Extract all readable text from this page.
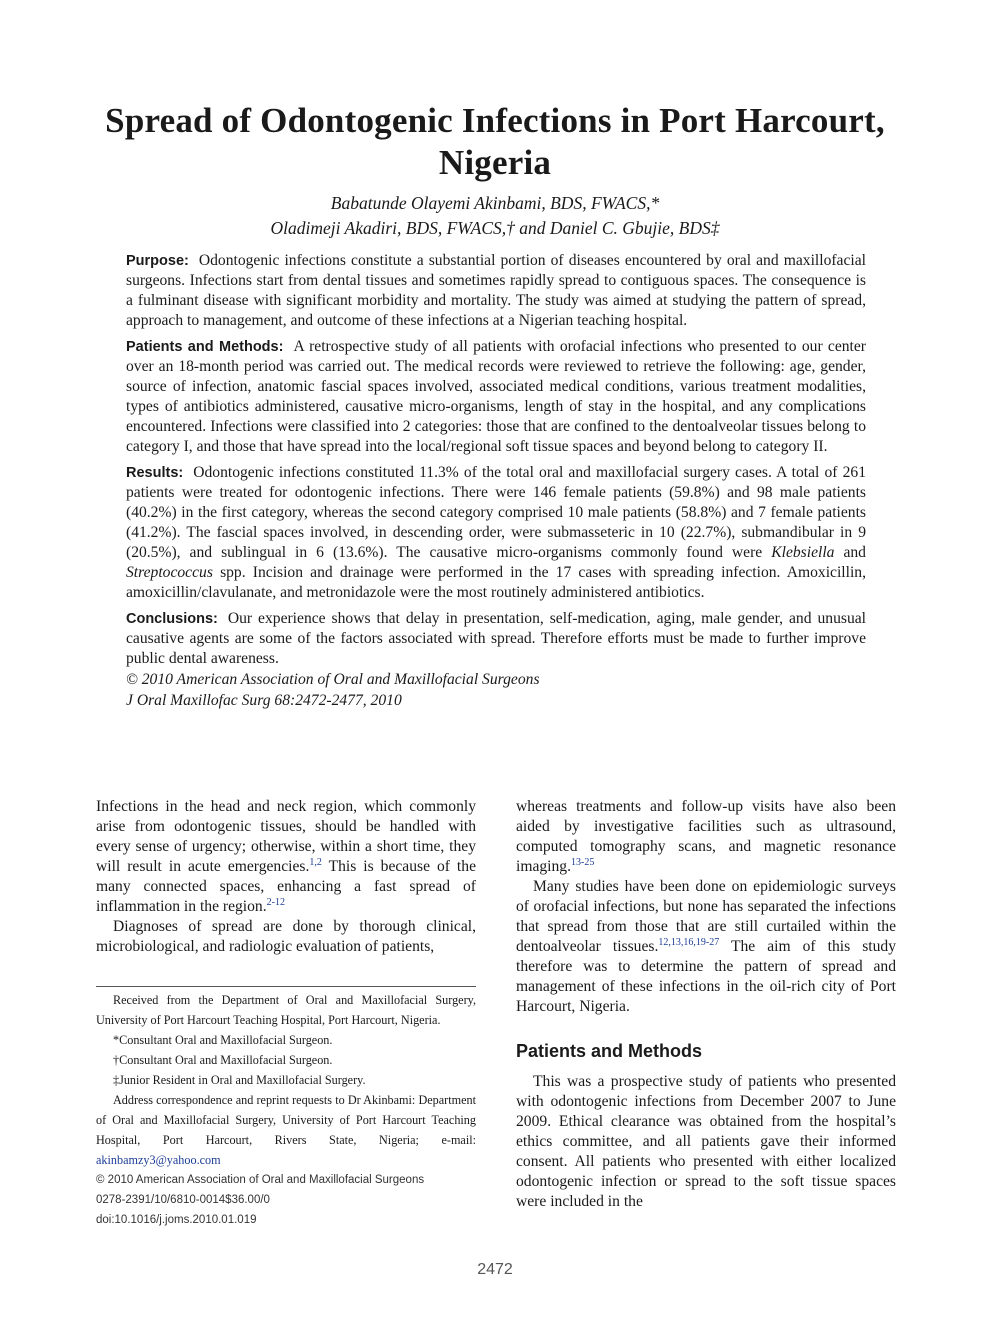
Spread of Odontogenic Infections in Port Harcourt, Nigeria
Babatunde Olayemi Akinbami, BDS, FWACS,*
Oladimeji Akadiri, BDS, FWACS,† and Daniel C. Gbujie, BDS‡

Purpose: Odontogenic infections constitute a substantial portion of diseases encountered by oral and maxillofacial surgeons. Infections start from dental tissues and sometimes rapidly spread to contiguous spaces. The consequence is a fulminant disease with significant morbidity and mortality. The study was aimed at studying the pattern of spread, approach to management, and outcome of these infections at a Nigerian teaching hospital.

Patients and Methods: A retrospective study of all patients with orofacial infections who presented to our center over an 18-month period was carried out. The medical records were reviewed to retrieve the following: age, gender, source of infection, anatomic fascial spaces involved, associated medical conditions, various treatment modalities, types of antibiotics administered, causative micro-organisms, length of stay in the hospital, and any complications encountered. Infections were classified into 2 categories: those that are confined to the dentoalveolar tissues belong to category I, and those that have spread into the local/regional soft tissue spaces and beyond belong to category II.

Results: Odontogenic infections constituted 11.3% of the total oral and maxillofacial surgery cases. A total of 261 patients were treated for odontogenic infections. There were 146 female patients (59.8%) and 98 male patients (40.2%) in the first category, whereas the second category comprised 10 male patients (58.8%) and 7 female patients (41.2%). The fascial spaces involved, in descending order, were submasseteric in 10 (22.7%), submandibular in 9 (20.5%), and sublingual in 6 (13.6%). The causative micro-organisms commonly found were Klebsiella and Streptococcus spp. Incision and drainage were performed in the 17 cases with spreading infection. Amoxicillin, amoxicillin/clavulanate, and metronidazole were the most routinely administered antibiotics.

Conclusions: Our experience shows that delay in presentation, self-medication, aging, male gender, and unusual causative agents are some of the factors associated with spread. Therefore efforts must be made to further improve public dental awareness.

© 2010 American Association of Oral and Maxillofacial Surgeons
J Oral Maxillofac Surg 68:2472-2477, 2010

Infections in the head and neck region, which commonly arise from odontogenic tissues, should be handled with every sense of urgency; otherwise, within a short time, they will result in acute emergencies.$^{1,2}$ This is because of the many connected spaces, enhancing a fast spread of inflammation in the region.$^{2-12}$

Diagnoses of spread are done by thorough clinical, microbiological, and radiologic evaluation of patients,

Received from the Department of Oral and Maxillofacial Surgery, University of Port Harcourt Teaching Hospital, Port Harcourt, Nigeria.

*Consultant Oral and Maxillofacial Surgeon.

†Consultant Oral and Maxillofacial Surgeon.

‡Junior Resident in Oral and Maxillofacial Surgery.

Address correspondence and reprint requests to Dr Akinbami: Department of Oral and Maxillofacial Surgery, University of Port Harcourt Teaching Hospital, Port Harcourt, Rivers State, Nigeria; e-mail: akinbamzy3@yahoo.com

© 2010 American Association of Oral and Maxillofacial Surgeons

0278-2391/10/6810-0014$36.00/0

doi:10.1016/j.joms.2010.01.019

whereas treatments and follow-up visits have also been aided by investigative facilities such as ultrasound, computed tomography scans, and magnetic resonance imaging.$^{13-25}$

Many studies have been done on epidemiologic surveys of orofacial infections, but none has separated the infections that spread from those that are still curtailed within the dentoalveolar tissues.$^{12,13,16,19-27}$ The aim of this study therefore was to determine the pattern of spread and management of these infections in the oil-rich city of Port Harcourt, Nigeria.

Patients and Methods

This was a prospective study of patients who presented with odontogenic infections from December 2007 to June 2009. Ethical clearance was obtained from the hospital’s ethics committee, and all patients gave their informed consent. All patients who presented with either localized odontogenic infection or spread to the soft tissue spaces were included in the

2472
